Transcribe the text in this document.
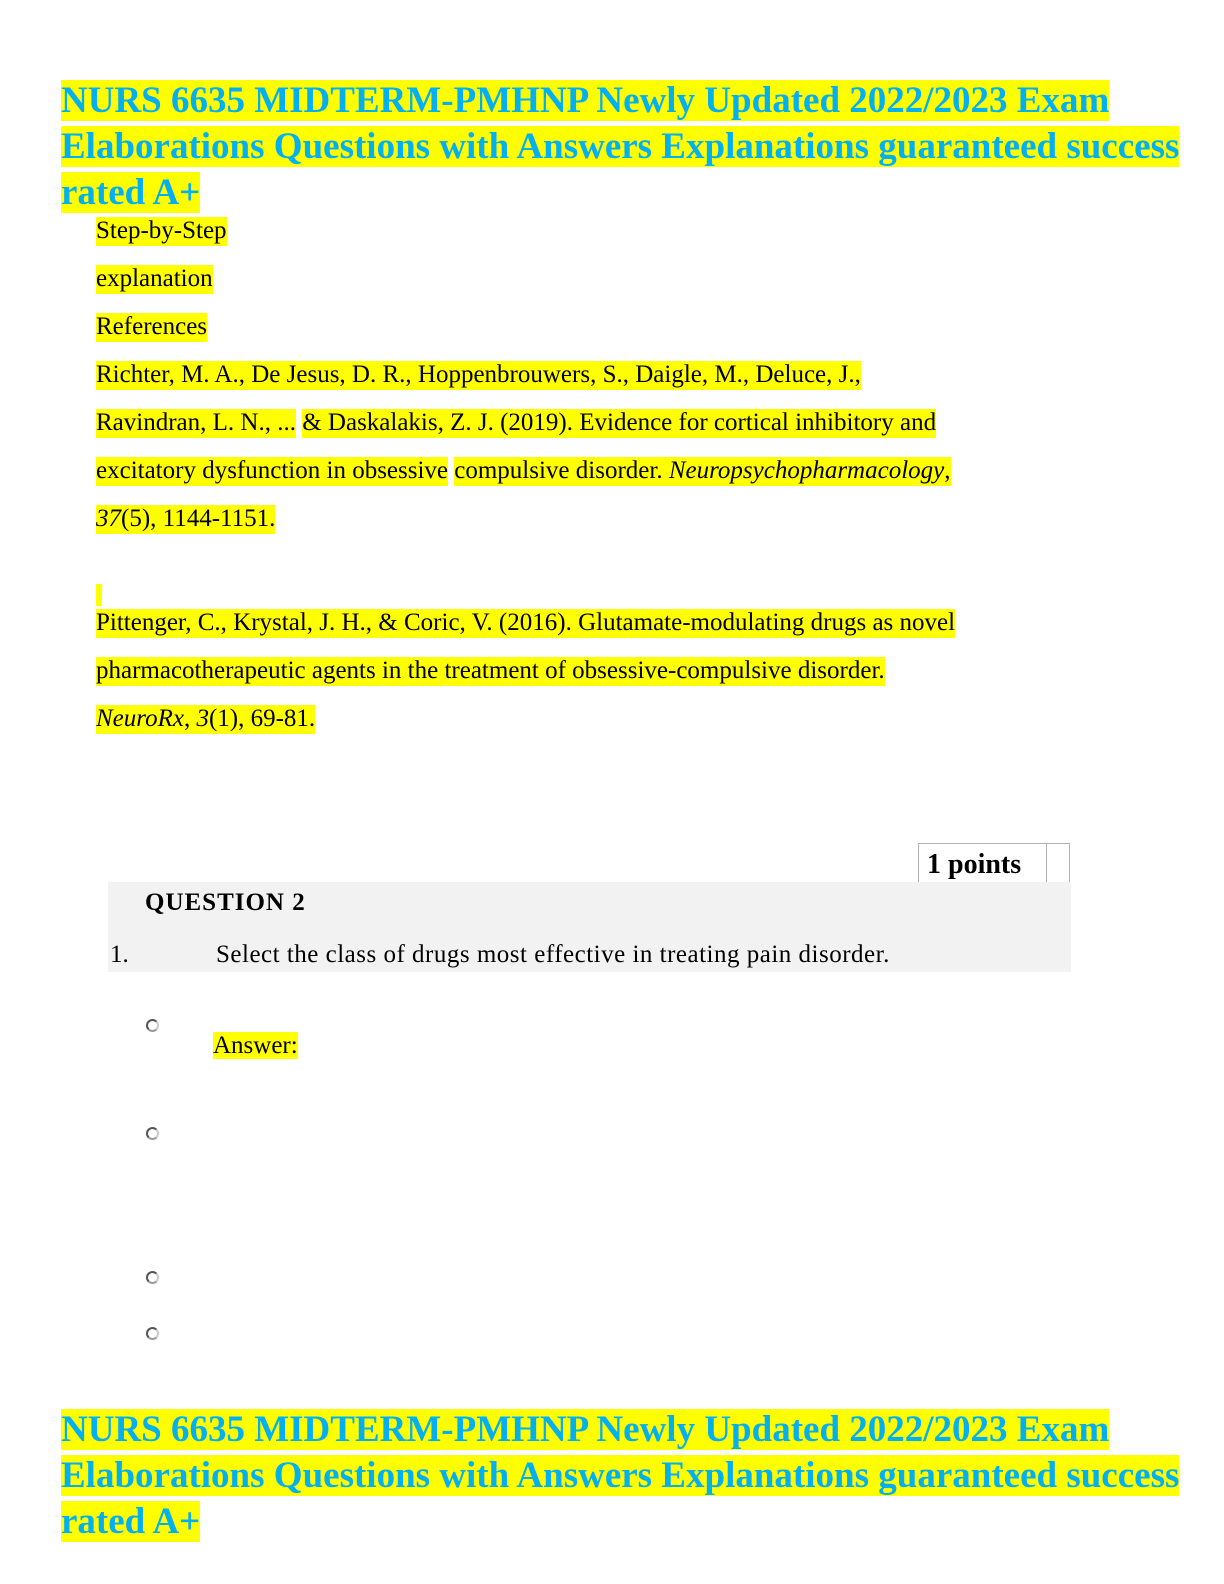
NURS 6635 MIDTERM-PMHNP Newly Updated 2022/2023 Exam Elaborations Questions with Answers Explanations guaranteed success rated A+
Step-by-Step
explanation
References
Richter, M. A., De Jesus, D. R., Hoppenbrouwers, S., Daigle, M., Deluce, J.,
Ravindran, L. N., ... & Daskalakis, Z. J. (2019). Evidence for cortical inhibitory and
excitatory dysfunction in obsessive compulsive disorder. Neuropsychopharmacology,
37(5), 1144-1151.
Pittenger, C., Krystal, J. H., & Coric, V. (2016). Glutamate-modulating drugs as novel
pharmacotherapeutic agents in the treatment of obsessive-compulsive disorder.
NeuroRx, 3(1), 69-81.
1 points
QUESTION 2
1.	Select the class of drugs most effective in treating pain disorder.
Answer:
NURS 6635 MIDTERM-PMHNP Newly Updated 2022/2023 Exam Elaborations Questions with Answers Explanations guaranteed success rated A+
